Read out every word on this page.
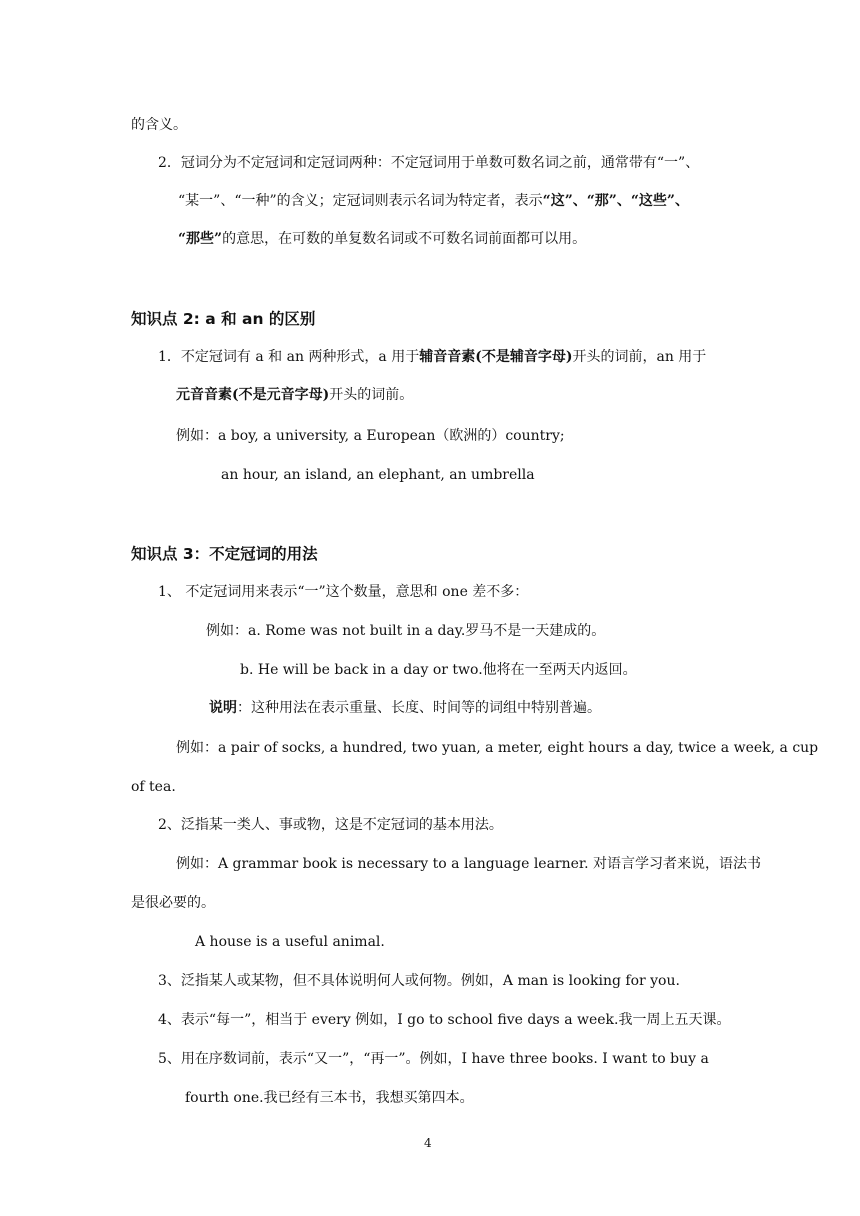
的含义。
2．冠词分为不定冠词和定冠词两种：不定冠词用于单数可数名词之前，通常带有“一”、
“某一”、“一种”的含义；定冠词则表示名词为特定者，表示“这”、“那”、“这些”、
“那些”的意思，在可数的单复数名词或不可数名词前面都可以用。
知识点 2: a 和 an 的区别
1．不定冠词有 a 和 an 两种形式，a 用于辅音音素(不是辅音字母)开头的词前，an 用于
元音音素(不是元音字母)开头的词前。
例如：a boy, a university, a European（欧洲的）country;
an hour, an island, an elephant, an umbrella
知识点 3：不定冠词的用法
1、 不定冠词用来表示“一”这个数量，意思和 one 差不多：
例如：a. Rome was not built in a day.罗马不是一天建成的。
b. He will be back in a day or two.他将在一至两天内返回。
说明：这种用法在表示重量、长度、时间等的词组中特别普遍。
例如：a pair of socks, a hundred, two yuan, a meter, eight hours a day, twice a week, a cup
of tea.
2、泛指某一类人、事或物，这是不定冠词的基本用法。
例如：A grammar book is necessary to a language learner. 对语言学习者来说，语法书
是很必要的。
A house is a useful animal.
3、泛指某人或某物，但不具体说明何人或何物。例如，A man is looking for you.
4、表示“每一”，相当于 every 例如，I go to school five days a week.我一周上五天课。
5、用在序数词前，表示“又一”，“再一”。例如，I have three books. I want to buy a
fourth one.我已经有三本书，我想买第四本。
4
